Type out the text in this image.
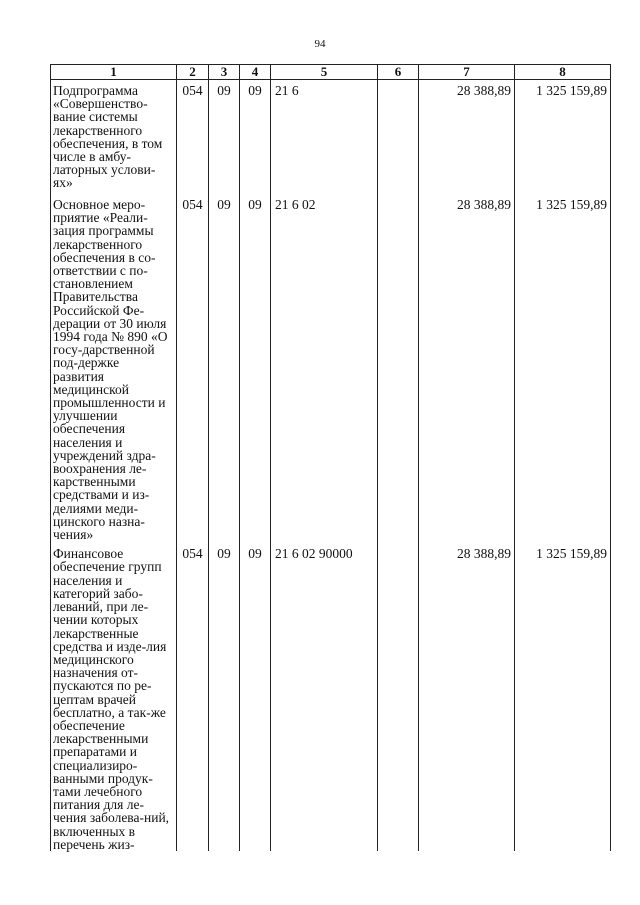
94
1	2	3	4	5	6	7	8
Подпрограмма «Совершенство-вание системы лекарственного обеспечения, в том числе в амбу-латорных услови-ях»	054	09	09	21 6		28 388,89	1 325 159,89
Основное меро-приятие «Реали-зация программы лекарственного обеспечения в со-ответствии с по-становлением Правительства Российской Фе-дерации от 30 июля 1994 года № 890 «О госу-дарственной под-держке развития медицинской промышленности и улучшении обеспечения населения и учреждений здра-воохранения ле-карственными средствами и из-делиями меди-цинского назна-чения»	054	09	09	21 6 02		28 388,89	1 325 159,89
Финансовое обеспечение групп населения и категорий забо-леваний, при ле-чении которых лекарственные средства и изде-лия медицинского назначения от-пускаются по ре-цептам врачей бесплатно, а так-же обеспечение лекарственными препаратами и специализиро-ванными продук-тами лечебного питания для ле-чения заболева-ний, включенных в перечень жиз-	054	09	09	21 6 02 90000		28 388,89	1 325 159,89
